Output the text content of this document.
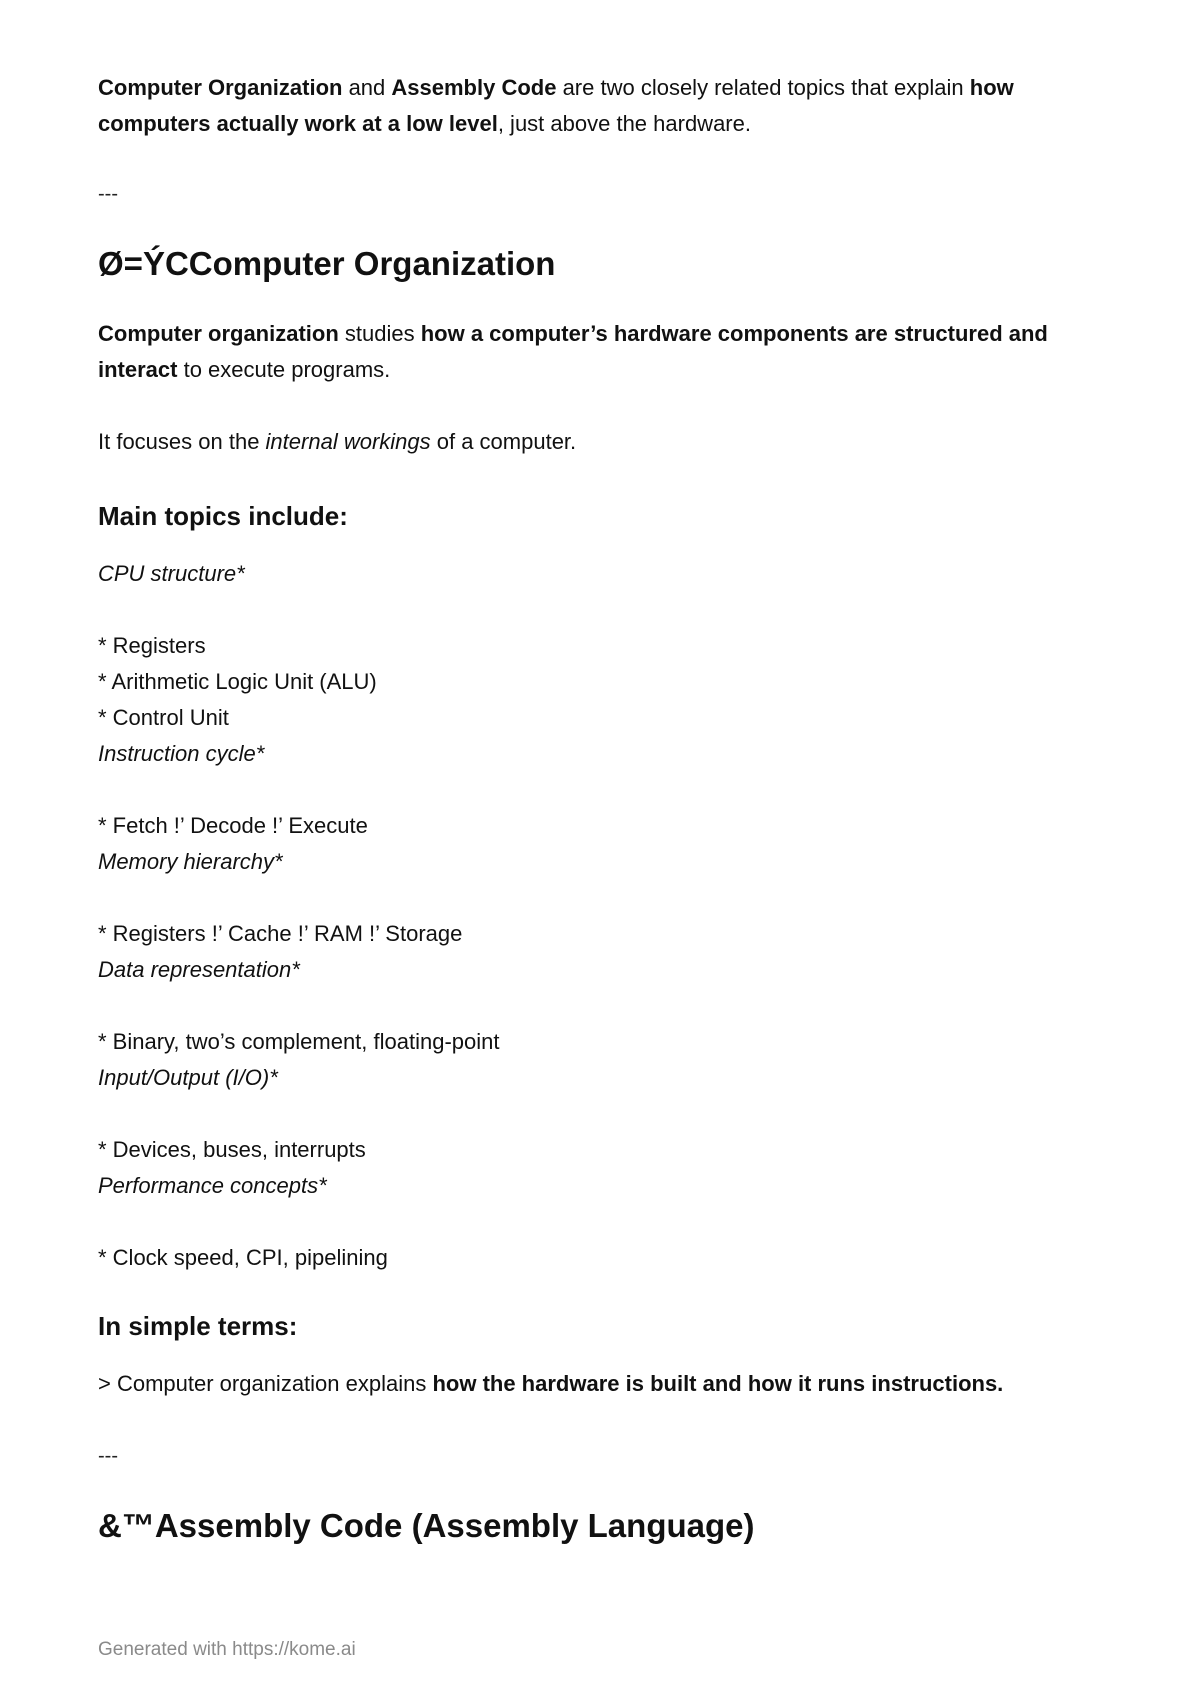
Computer Organization and Assembly Code are two closely related topics that explain how computers actually work at a low level, just above the hardware.

---
Ø=ÝCComputer Organization

Computer organization studies how a computer’s hardware components are structured and interact to execute programs.

It focuses on the internal workings of a computer.

Main topics include:

CPU structure*

* Registers

* Arithmetic Logic Unit (ALU)

* Control Unit

Instruction cycle*

* Fetch !’ Decode !’ Execute

Memory hierarchy*

* Registers !’ Cache !’ RAM !’ Storage

Data representation*

* Binary, two’s complement, floating-point

Input/Output (I/O)*

* Devices, buses, interrupts

Performance concepts*

* Clock speed, CPI, pipelining

In simple terms:

> Computer organization explains how the hardware is built and how it runs instructions.

---
&™Assembly Code (Assembly Language)
Generated with https://kome.ai
